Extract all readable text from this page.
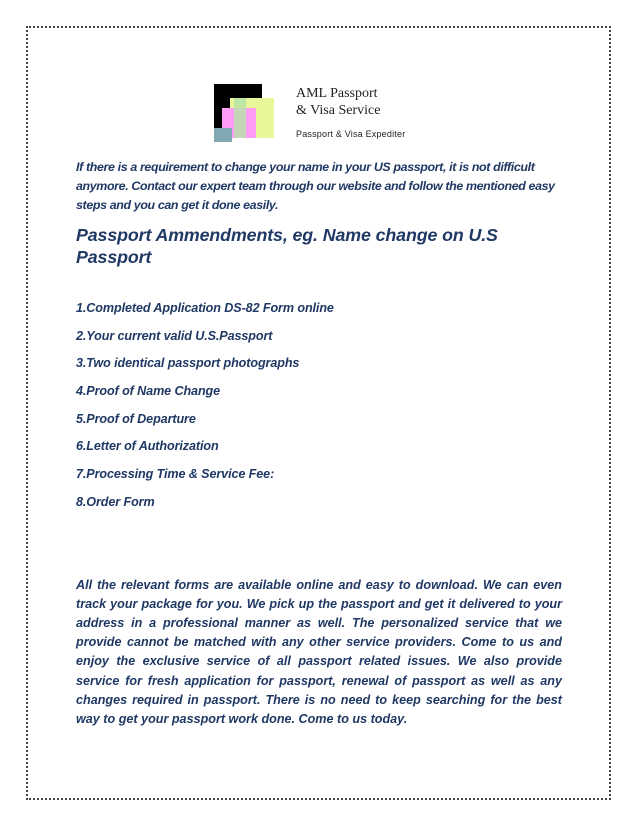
AML Passport
& Visa Service
Passport & Visa Expediter

If there is a requirement to change your name in your US passport, it is not difficult anymore. Contact our expert team through our website and follow the mentioned easy steps and you can get it done easily.

Passport Ammendments, eg. Name change on U.S Passport
1.Completed Application DS-82 Form online
2.Your current valid U.S.Passport
3.Two identical passport photographs
4.Proof of Name Change
5.Proof of Departure
6.Letter of Authorization
7.Processing Time & Service Fee:
8.Order Form

All the relevant forms are available online and easy to download. We can even track your package for you. We pick up the passport and get it delivered to your address in a professional manner as well. The personalized service that we provide cannot be matched with any other service providers. Come to us and enjoy the exclusive service of all passport related issues. We also provide service for fresh application for passport, renewal of passport as well as any changes required in passport. There is no need to keep searching for the best way to get your passport work done. Come to us today.
